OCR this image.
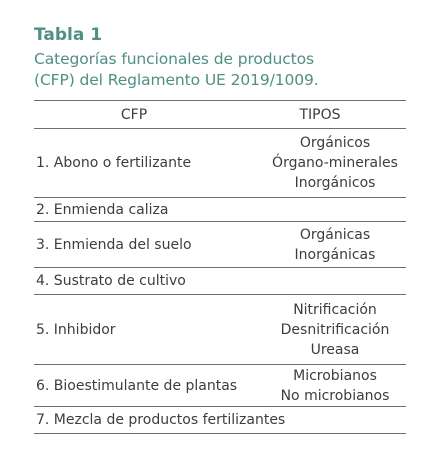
Tabla 1
Categorías funcionales de productos
(CFP) del Reglamento UE 2019/1009.
CFP	TIPOS
1. Abono o fertilizante
Orgánicos
Órgano-minerales
Inorgánicos
2. Enmienda caliza
3. Enmienda del suelo
Orgánicas
Inorgánicas
4. Sustrato de cultivo
5. Inhibidor
Nitrificación
Desnitrificación
Ureasa
6. Bioestimulante de plantas
Microbianos
No microbianos
7. Mezcla de productos fertilizantes
